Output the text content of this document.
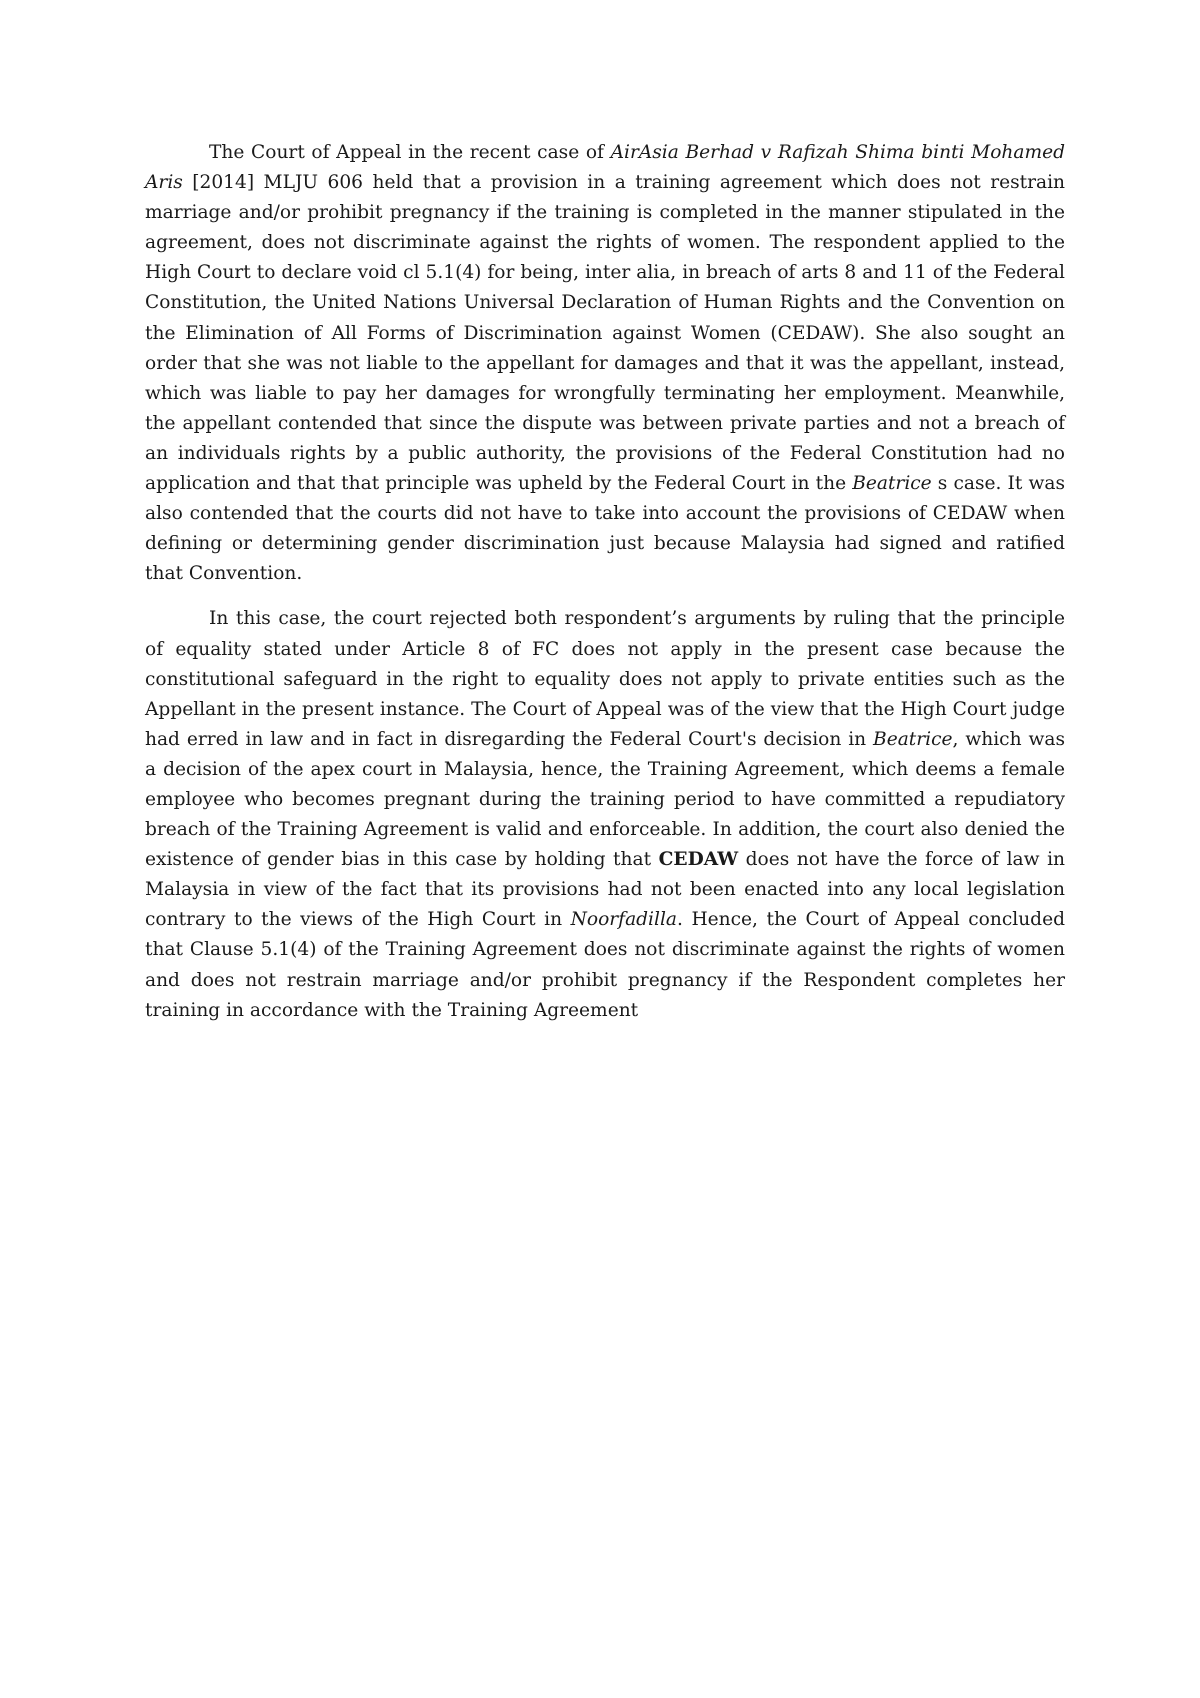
The Court of Appeal in the recent case of AirAsia Berhad v Rafizah Shima binti Mohamed Aris [2014] MLJU 606 held that a provision in a training agreement which does not restrain marriage and/or prohibit pregnancy if the training is completed in the manner stipulated in the agreement, does not discriminate against the rights of women. The respondent applied to the High Court to declare void cl 5.1(4) for being, inter alia, in breach of arts 8 and 11 of the Federal Constitution, the United Nations Universal Declaration of Human Rights and the Convention on the Elimination of All Forms of Discrimination against Women (CEDAW). She also sought an order that she was not liable to the appellant for damages and that it was the appellant, instead, which was liable to pay her damages for wrongfully terminating her employment. Meanwhile, the appellant contended that since the dispute was between private parties and not a breach of an individuals rights by a public authority, the provisions of the Federal Constitution had no application and that that principle was upheld by the Federal Court in the Beatrice s case. It was also contended that the courts did not have to take into account the provisions of CEDAW when defining or determining gender discrimination just because Malaysia had signed and ratified that Convention.

In this case, the court rejected both respondent’s arguments by ruling that the principle of equality stated under Article 8 of FC does not apply in the present case because the constitutional safeguard in the right to equality does not apply to private entities such as the Appellant in the present instance. The Court of Appeal was of the view that the High Court judge had erred in law and in fact in disregarding the Federal Court's decision in Beatrice, which was a decision of the apex court in Malaysia, hence, the Training Agreement, which deems a female employee who becomes pregnant during the training period to have committed a repudiatory breach of the Training Agreement is valid and enforceable. In addition, the court also denied the existence of gender bias in this case by holding that CEDAW does not have the force of law in Malaysia in view of the fact that its provisions had not been enacted into any local legislation contrary to the views of the High Court in Noorfadilla. Hence, the Court of Appeal concluded that Clause 5.1(4) of the Training Agreement does not discriminate against the rights of women and does not restrain marriage and/or prohibit pregnancy if the Respondent completes her training in accordance with the Training Agreement
